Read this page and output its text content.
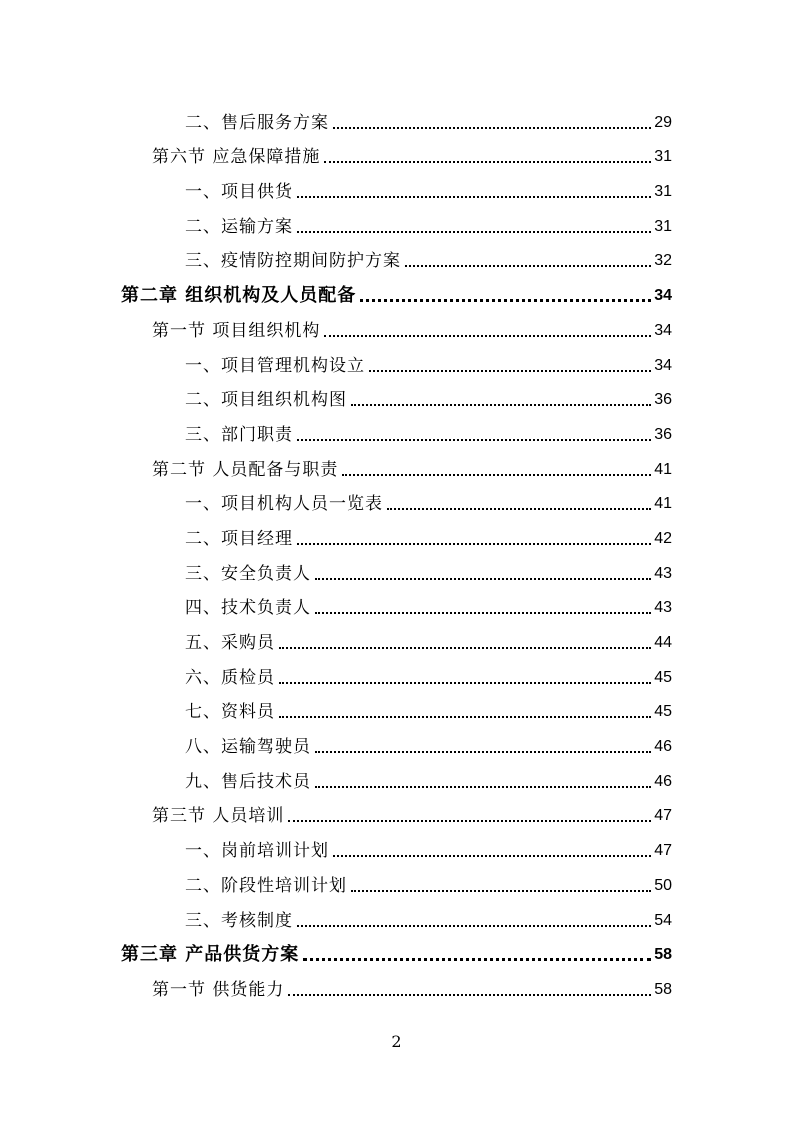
二、售后服务方案	29
第六节 应急保障措施	31
一、项目供货	31
二、运输方案	31
三、疫情防控期间防护方案	32
第二章 组织机构及人员配备	34
第一节 项目组织机构	34
一、项目管理机构设立	34
二、项目组织机构图	36
三、部门职责	36
第二节 人员配备与职责	41
一、项目机构人员一览表	41
二、项目经理	42
三、安全负责人	43
四、技术负责人	43
五、采购员	44
六、质检员	45
七、资料员	45
八、运输驾驶员	46
九、售后技术员	46
第三节 人员培训	47
一、岗前培训计划	47
二、阶段性培训计划	50
三、考核制度	54
第三章 产品供货方案	58
第一节 供货能力	58
2
